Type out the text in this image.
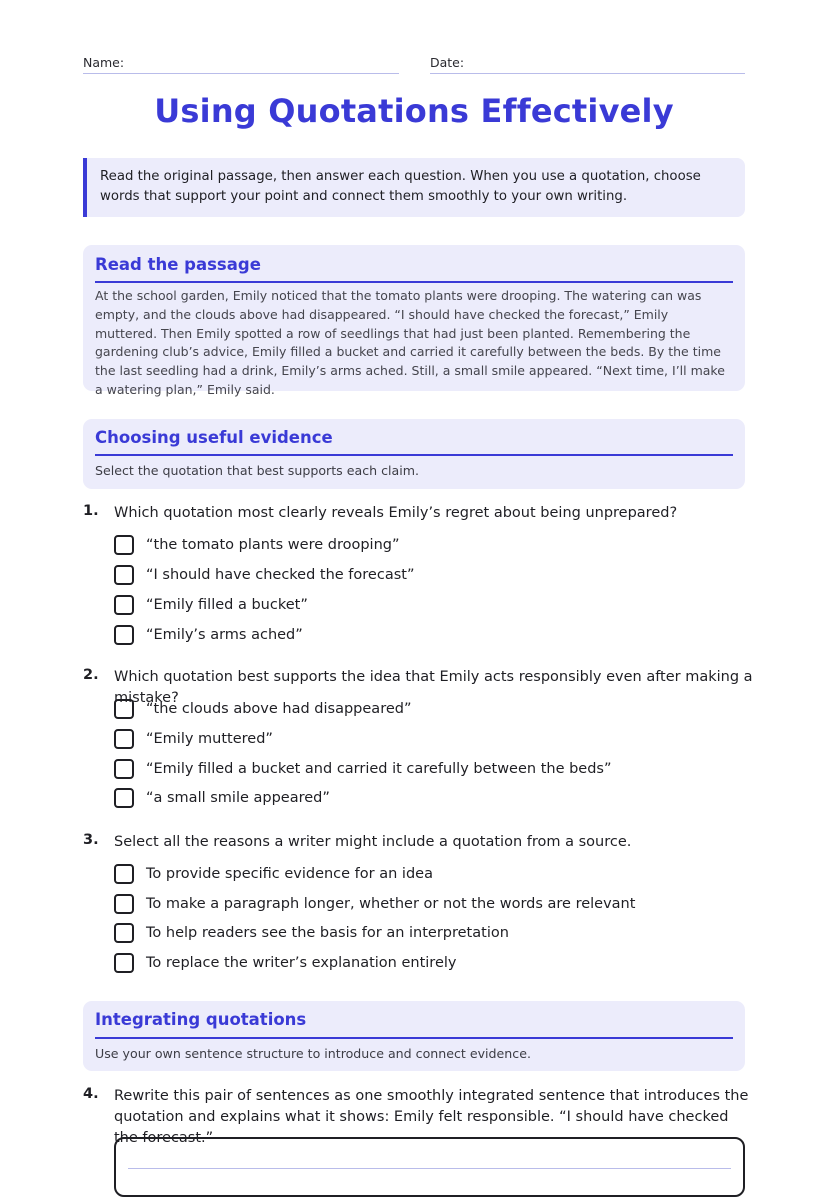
Name:	Date:
Using Quotations Effectively
Read the original passage, then answer each question. When you use a quotation, choose words that support your point and connect them smoothly to your own writing.
Read the passage
At the school garden, Emily noticed that the tomato plants were drooping. The watering can was empty, and the clouds above had disappeared. “I should have checked the forecast,” Emily muttered. Then Emily spotted a row of seedlings that had just been planted. Remembering the gardening club’s advice, Emily filled a bucket and carried it carefully between the beds. By the time the last seedling had a drink, Emily’s arms ached. Still, a small smile appeared. “Next time, I’ll make a watering plan,” Emily said.
Choosing useful evidence
Select the quotation that best supports each claim.
1. Which quotation most clearly reveals Emily’s regret about being unprepared?
“the tomato plants were drooping”
“I should have checked the forecast”
“Emily filled a bucket”
“Emily’s arms ached”
2. Which quotation best supports the idea that Emily acts responsibly even after making a mistake?
“the clouds above had disappeared”
“Emily muttered”
“Emily filled a bucket and carried it carefully between the beds”
“a small smile appeared”
3. Select all the reasons a writer might include a quotation from a source.
To provide specific evidence for an idea
To make a paragraph longer, whether or not the words are relevant
To help readers see the basis for an interpretation
To replace the writer’s explanation entirely
Integrating quotations
Use your own sentence structure to introduce and connect evidence.
4. Rewrite this pair of sentences as one smoothly integrated sentence that introduces the quotation and explains what it shows: Emily felt responsible. “I should have checked the forecast.”
